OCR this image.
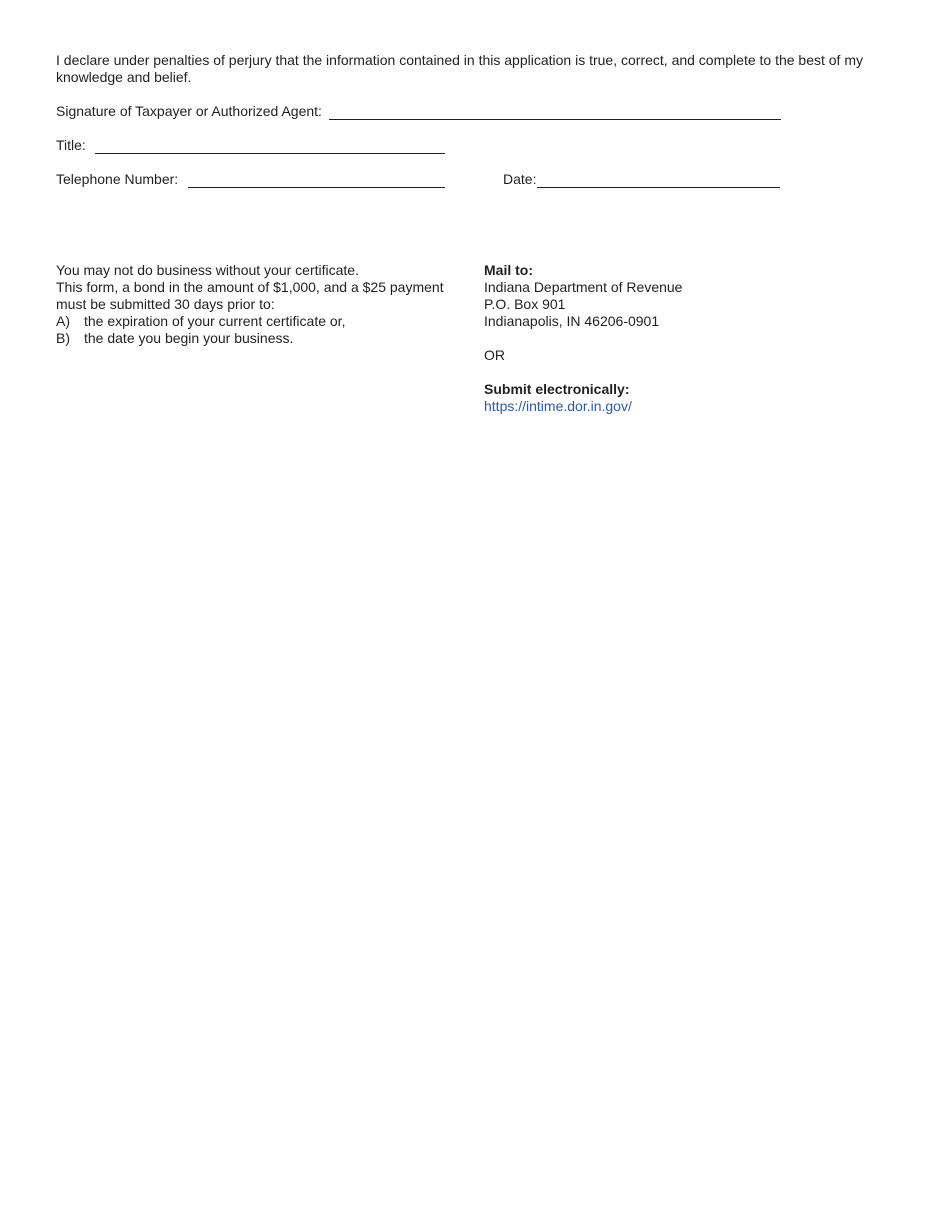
I declare under penalties of perjury that the information contained in this application is true, correct, and complete to the best of my knowledge and belief.

Signature of Taxpayer or Authorized Agent:
Title:
Telephone Number:	Date:

You may not do business without your certificate.

This form, a bond in the amount of $1,000, and a $25 payment must be submitted 30 days prior to:

A)	the expiration of your current certificate or,
B)	the date you begin your business.

Mail to:

Indiana Department of Revenue

P.O. Box 901

Indianapolis, IN 46206-0901

OR

Submit electronically:

https://intime.dor.in.gov/
